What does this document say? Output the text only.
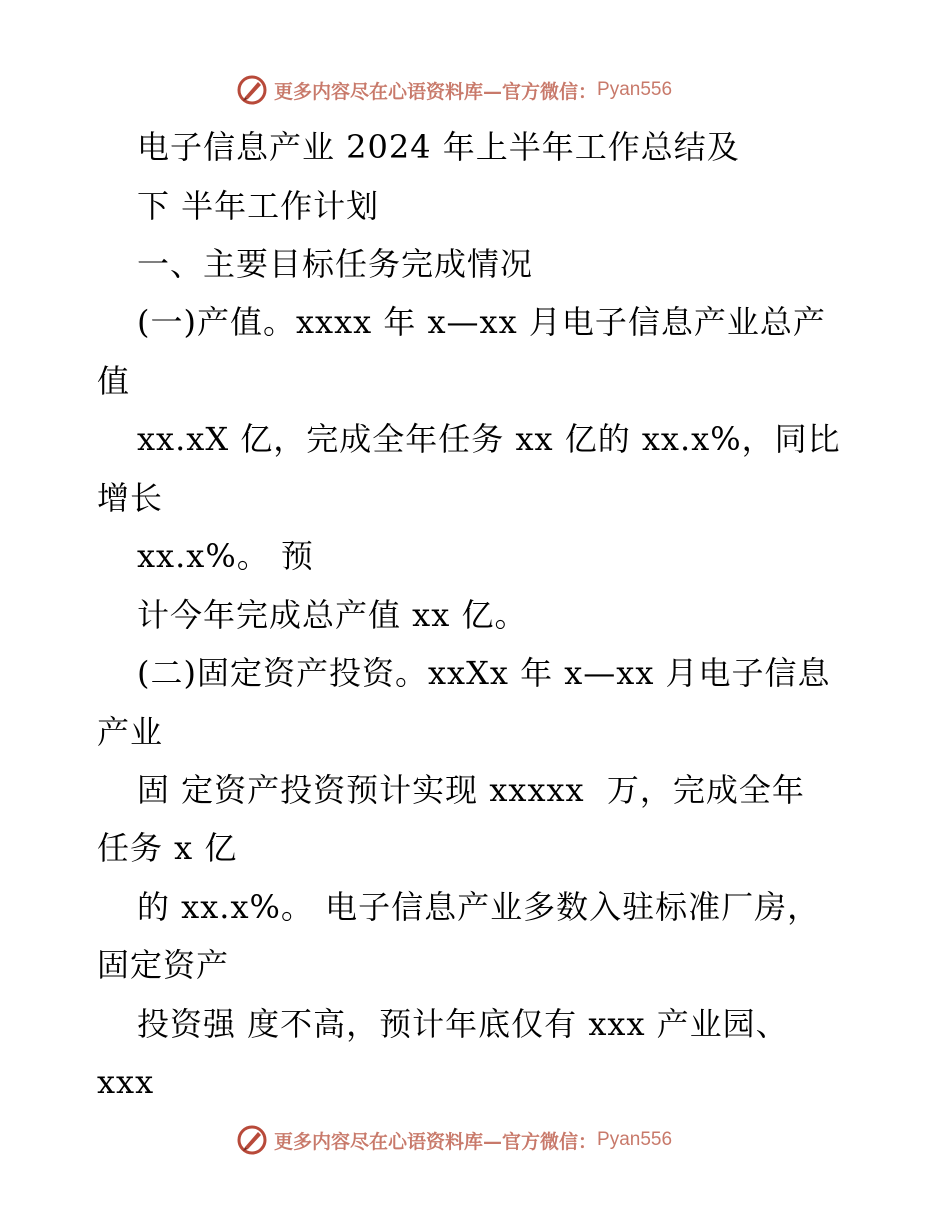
更多内容尽在心语资料库—官方微信： Pyan556
电子信息产业 2024 年上半年工作总结及
下 半年工作计划
一、主要目标任务完成情况
(一)产值。xxxx 年 x—xx 月电子信息产业总产
值
xx.xX 亿，完成全年任务 xx 亿的 xx.x%，同比
增长
xx.x%。 预
计今年完成总产值 xx 亿。
(二)固定资产投资。xxXx 年 x—xx 月电子信息
产业
固 定资产投资预计实现 xxxxx  万，完成全年
任务 x 亿
的 xx.x%。 电子信息产业多数入驻标准厂房，
固定资产
投资强 度不高，预计年底仅有 xxx 产业园、
xxx
更多内容尽在心语资料库—官方微信： Pyan556
